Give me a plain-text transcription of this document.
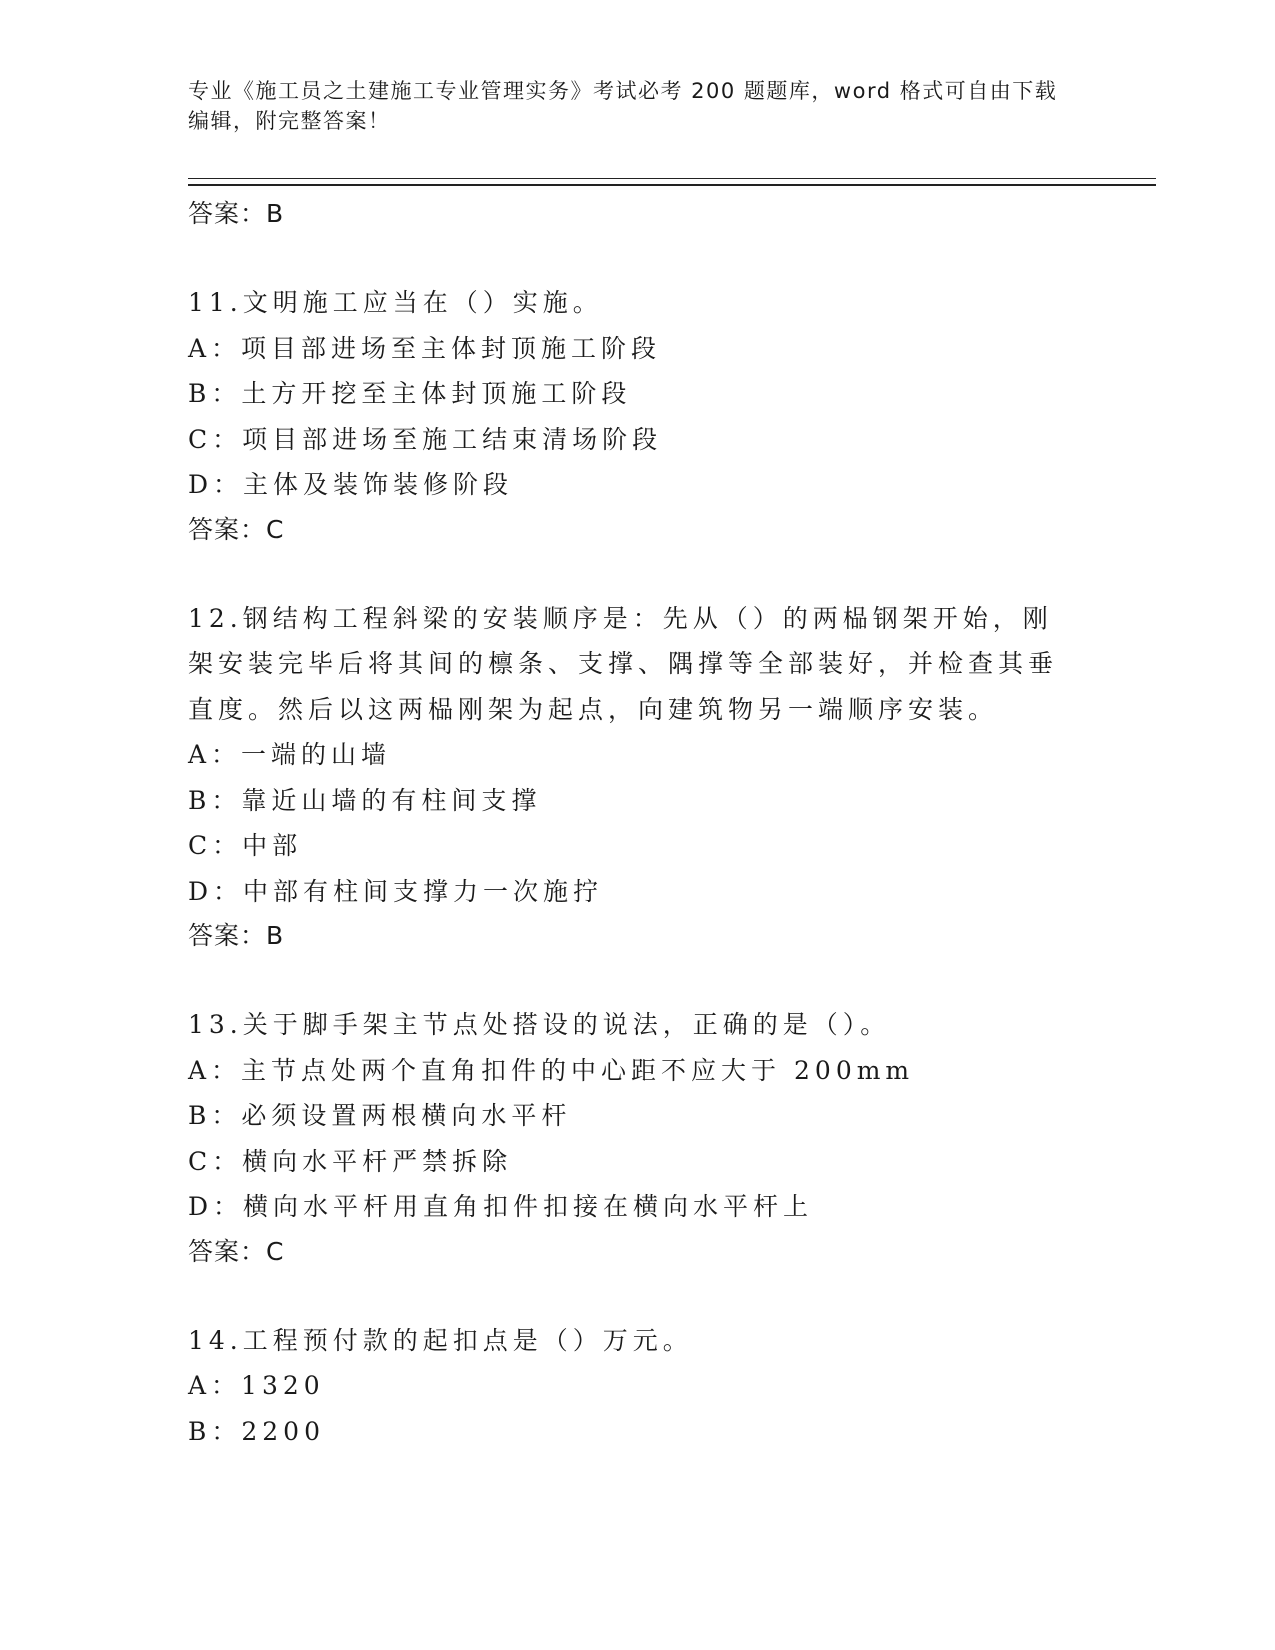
专业《施工员之土建施工专业管理实务》考试必考 200 题题库，word 格式可自由下载编辑，附完整答案！

答案：B

11.文明施工应当在（）实施。

A：项目部进场至主体封顶施工阶段

B：土方开挖至主体封顶施工阶段

C：项目部进场至施工结束清场阶段

D：主体及装饰装修阶段

答案：C

12.钢结构工程斜梁的安装顺序是：先从（）的两榀钢架开始，刚架安装完毕后将其间的檩条、支撑、隅撑等全部装好，并检查其垂直度。然后以这两榀刚架为起点，向建筑物另一端顺序安装。

A：一端的山墙

B：靠近山墙的有柱间支撑

C：中部

D：中部有柱间支撑力一次施拧

答案：B

13.关于脚手架主节点处搭设的说法，正确的是（）。

A：主节点处两个直角扣件的中心距不应大于 200mm

B：必须设置两根横向水平杆

C：横向水平杆严禁拆除

D：横向水平杆用直角扣件扣接在横向水平杆上

答案：C

14.工程预付款的起扣点是（）万元。

A：1320

B：2200
